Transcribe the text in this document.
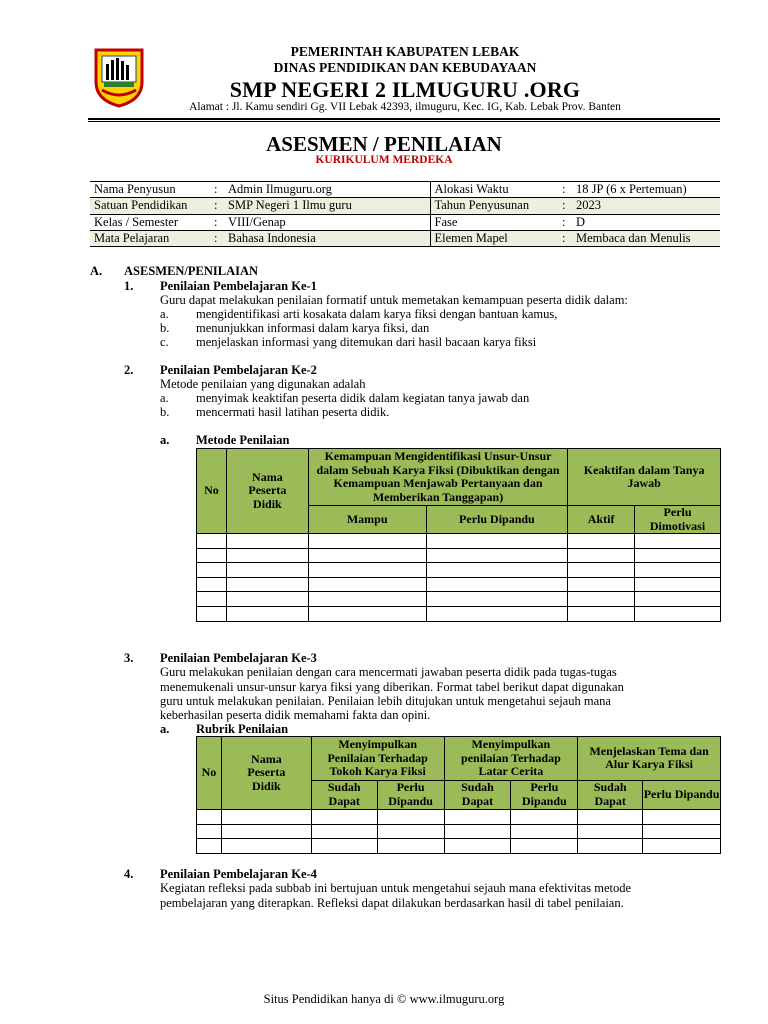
PEMERINTAH KABUPATEN LEBAK
DINAS PENDIDIKAN DAN KEBUDAYAAN
SMP NEGERI 2 ILMUGURU .ORG
Alamat : Jl. Kamu sendiri Gg. VII Lebak 42393, ilmuguru, Kec. IG, Kab. Lebak Prov. Banten
ASESMEN / PENILAIAN
KURIKULUM MERDEKA
Nama Penyusun	:	Admin Ilmuguru.org	Alokasi Waktu	:	18 JP (6 x Pertemuan)
Satuan Pendidikan	:	SMP Negeri 1 Ilmu guru	Tahun Penyusunan	:	2023
Kelas / Semester	:	VIII/Genap	Fase	:	D
Mata Pelajaran	:	Bahasa Indonesia	Elemen Mapel	:	Membaca dan Menulis
A. ASESMEN/PENILAIAN
1. Penilaian Pembelajaran Ke-1
Guru dapat melakukan penilaian formatif untuk memetakan kemampuan peserta didik dalam:
a. mengidentifikasi arti kosakata dalam karya fiksi dengan bantuan kamus,
b. menunjukkan informasi dalam karya fiksi, dan
c. menjelaskan informasi yang ditemukan dari hasil bacaan karya fiksi
2. Penilaian Pembelajaran Ke-2
Metode penilaian yang digunakan adalah
a. menyimak keaktifan peserta didik dalam kegiatan tanya jawab dan
b. mencermati hasil latihan peserta didik.
a. Metode Penilaian
No	Nama Peserta Didik	Kemampuan Mengidentifikasi Unsur-Unsur dalam Sebuah Karya Fiksi (Dibuktikan dengan Kemampuan Menjawab Pertanyaan dan Memberikan Tanggapan)		Keaktifan dalam Tanya Jawab	
		Mampu	Perlu Dipandu	Aktif	Perlu Dimotivasi

3. Penilaian Pembelajaran Ke-3
Guru melakukan penilaian dengan cara mencermati jawaban peserta didik pada tugas-tugas
menemukenali unsur-unsur karya fiksi yang diberikan. Format tabel berikut dapat digunakan
guru untuk melakukan penilaian. Penilaian lebih ditujukan untuk mengetahui sejauh mana
keberhasilan peserta didik memahami fakta dan opini.
a. Rubrik Penilaian
No	Nama Peserta Didik	Menyimpulkan Penilaian Terhadap Tokoh Karya Fiksi		Menyimpulkan penilaian Terhadap Latar Cerita		Menjelaskan Tema dan Alur Karya Fiksi	
		Sudah Dapat	Perlu Dipandu	Sudah Dapat	Perlu Dipandu	Sudah Dapat	Perlu Dipandu

4. Penilaian Pembelajaran Ke-4
Kegiatan refleksi pada subbab ini bertujuan untuk mengetahui sejauh mana efektivitas metode
pembelajaran yang diterapkan. Refleksi dapat dilakukan berdasarkan hasil di tabel penilaian.
Situs Pendidikan hanya di © www.ilmuguru.org
